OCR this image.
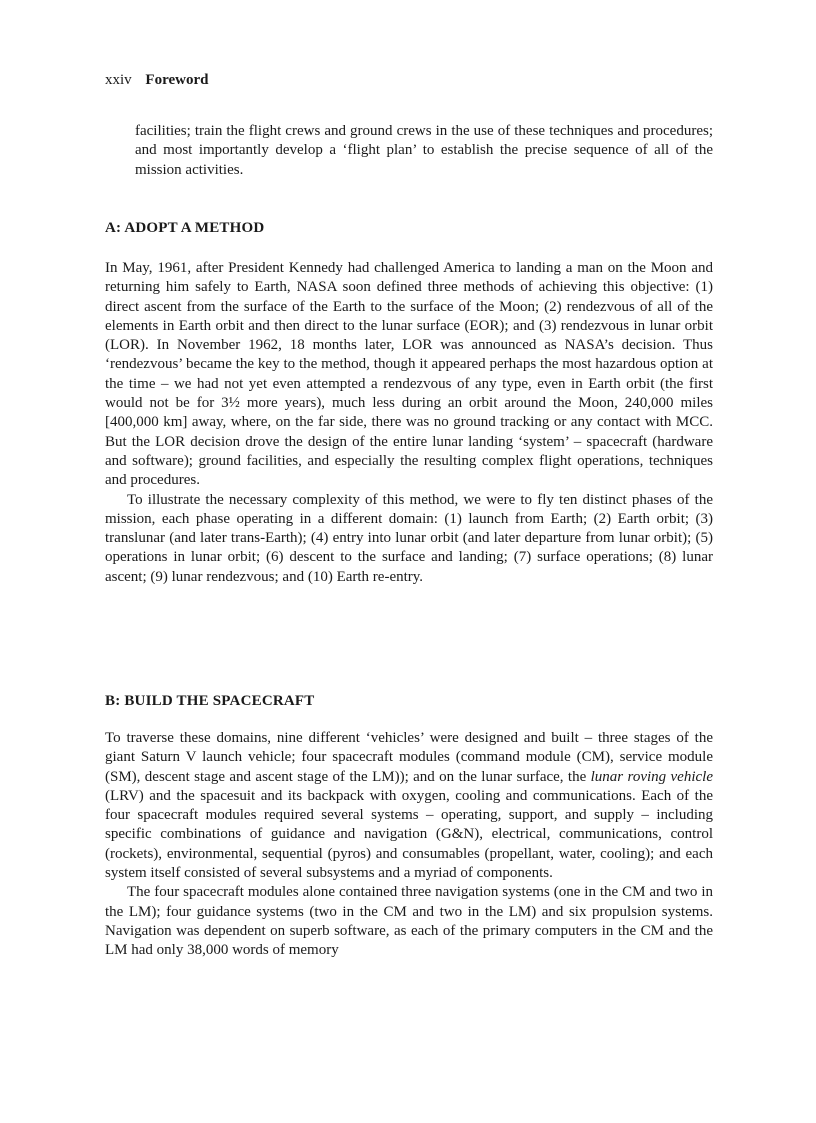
xxiv Foreword

facilities; train the flight crews and ground crews in the use of these techniques and procedures; and most importantly develop a ‘flight plan’ to establish the precise sequence of all of the mission activities.

A: ADOPT A METHOD

In May, 1961, after President Kennedy had challenged America to landing a man on the Moon and returning him safely to Earth, NASA soon defined three methods of achieving this objective: (1) direct ascent from the surface of the Earth to the surface of the Moon; (2) rendezvous of all of the elements in Earth orbit and then direct to the lunar surface (EOR); and (3) rendezvous in lunar orbit (LOR). In November 1962, 18 months later, LOR was announced as NASA’s decision. Thus ‘rendezvous’ became the key to the method, though it appeared perhaps the most hazardous option at the time – we had not yet even attempted a rendezvous of any type, even in Earth orbit (the first would not be for 3½ more years), much less during an orbit around the Moon, 240,000 miles [400,000 km] away, where, on the far side, there was no ground tracking or any contact with MCC. But the LOR decision drove the design of the entire lunar landing ‘system’ – spacecraft (hardware and software); ground facilities, and especially the resulting complex flight operations, techniques and procedures.

To illustrate the necessary complexity of this method, we were to fly ten distinct phases of the mission, each phase operating in a different domain: (1) launch from Earth; (2) Earth orbit; (3) translunar (and later trans-Earth); (4) entry into lunar orbit (and later departure from lunar orbit); (5) operations in lunar orbit; (6) descent to the surface and landing; (7) surface operations; (8) lunar ascent; (9) lunar rendezvous; and (10) Earth re-entry.

B: BUILD THE SPACECRAFT

To traverse these domains, nine different ‘vehicles’ were designed and built – three stages of the giant Saturn V launch vehicle; four spacecraft modules (command module (CM), service module (SM), descent stage and ascent stage of the LM)); and on the lunar surface, the lunar roving vehicle (LRV) and the spacesuit and its backpack with oxygen, cooling and communications. Each of the four spacecraft modules required several systems – operating, support, and supply – including specific combinations of guidance and navigation (G&N), electrical, communications, control (rockets), environmental, sequential (pyros) and consumables (propellant, water, cooling); and each system itself consisted of several subsystems and a myriad of components.

The four spacecraft modules alone contained three navigation systems (one in the CM and two in the LM); four guidance systems (two in the CM and two in the LM) and six propulsion systems. Navigation was dependent on superb software, as each of the primary computers in the CM and the LM had only 38,000 words of memory
